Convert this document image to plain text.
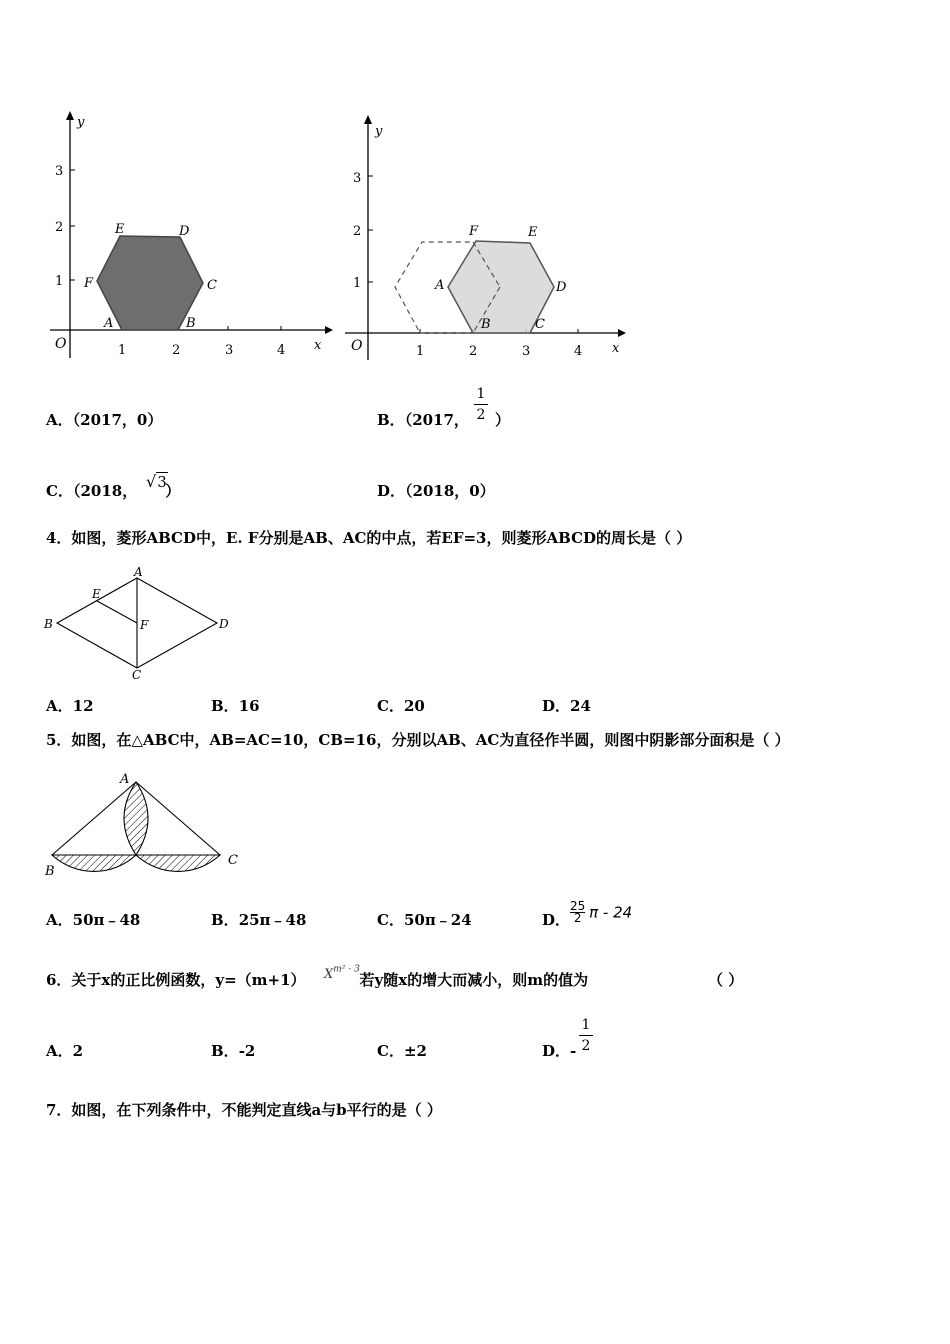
x
y
O	1	2	3	4
1
2
3
A	B
C
D
E
F
x
y
O	1	2	3	4
1
2
3
A
B	C
D
E
F
A．（2017，0）	B．（2017， ）
1
2
C．（2018， ）
√3	D．（2018，0）
4．如图，菱形ABCD中，E. F分别是AB、AC的中点，若EF=3，则菱形ABCD的周长是（ ）
A
B
C
D
E
F
A．12	B．16	C．20	D．24
5．如图，在△ABC中，AB=AC=10，CB=16，分别以AB、AC为直径作半圆，则图中阴影部分面积是（ ）
A
B
C
A．50π﹣48	B．25π﹣48	C．50π﹣24	D． $\frac{25}{2}$ π - 24
6．关于x的正比例函数，y=（m+1）	若y随x的增大而减小，则m的值为
$X^{m^2 - 3}$
（ ）
A．2	B．-2	C．±2	D．-
1
2
7．如图，在下列条件中，不能判定直线a与b平行的是（ ）
